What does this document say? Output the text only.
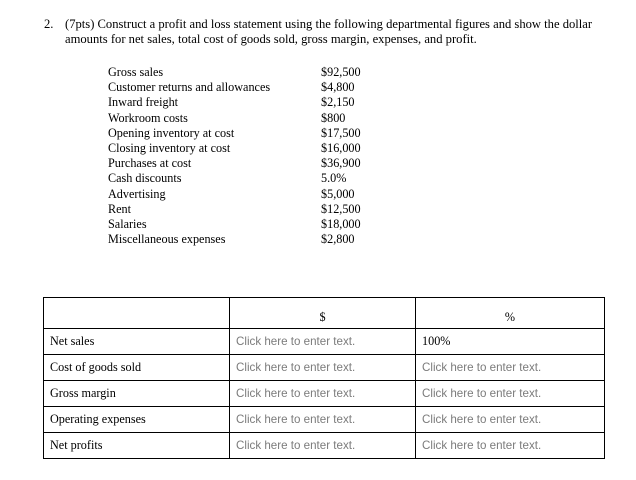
2. (7pts) Construct a profit and loss statement using the following departmental figures and show the dollar amounts for net sales, total cost of goods sold, gross margin, expenses, and profit.
Gross sales	$92,500
Customer returns and allowances	$4,800
Inward freight	$2,150
Workroom costs	$800
Opening inventory at cost	$17,500
Closing inventory at cost	$16,000
Purchases at cost	$36,900
Cash discounts	5.0%
Advertising	$5,000
Rent	$12,500
Salaries	$18,000
Miscellaneous expenses	$2,800
	$	%
Net sales	Click here to enter text.	100%
Cost of goods sold	Click here to enter text.	Click here to enter text.
Gross margin	Click here to enter text.	Click here to enter text.
Operating expenses	Click here to enter text.	Click here to enter text.
Net profits	Click here to enter text.	Click here to enter text.
